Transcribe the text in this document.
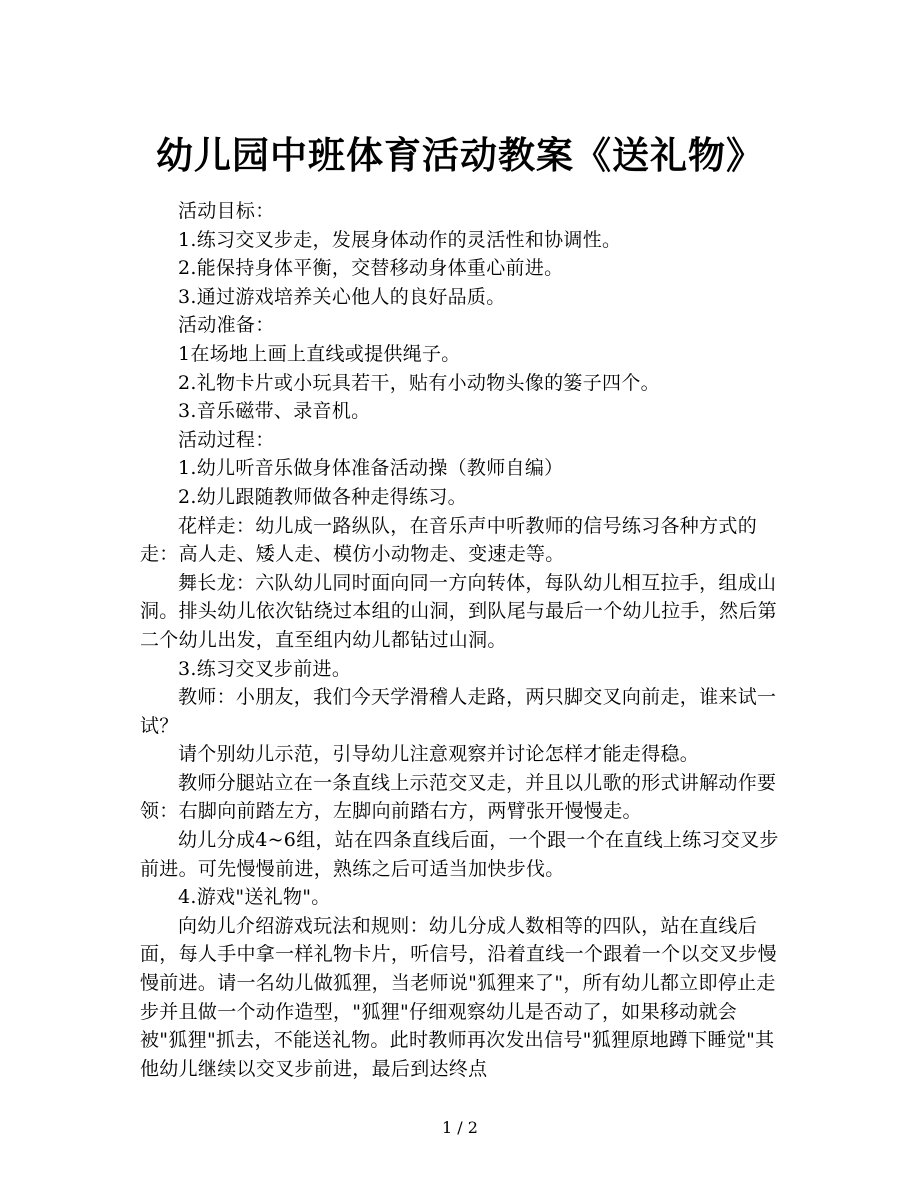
幼儿园中班体育活动教案《送礼物》

活动目标：

1.练习交叉步走，发展身体动作的灵活性和协调性。

2.能保持身体平衡，交替移动身体重心前进。

3.通过游戏培养关心他人的良好品质。

活动准备：

1在场地上画上直线或提供绳子。

2.礼物卡片或小玩具若干，贴有小动物头像的篓子四个。

3.音乐磁带、录音机。

活动过程：

1.幼儿听音乐做身体准备活动操（教师自编）

2.幼儿跟随教师做各种走得练习。

花样走：幼儿成一路纵队，在音乐声中听教师的信号练习各种方式的走：高人走、矮人走、模仿小动物走、变速走等。

舞长龙：六队幼儿同时面向同一方向转体，每队幼儿相互拉手，组成山洞。排头幼儿依次钻绕过本组的山洞，到队尾与最后一个幼儿拉手，然后第二个幼儿出发，直至组内幼儿都钻过山洞。

3.练习交叉步前进。

教师：小朋友，我们今天学滑稽人走路，两只脚交叉向前走，谁来试一试？

请个别幼儿示范，引导幼儿注意观察并讨论怎样才能走得稳。

教师分腿站立在一条直线上示范交叉走，并且以儿歌的形式讲解动作要领：右脚向前踏左方，左脚向前踏右方，两臂张开慢慢走。

幼儿分成4~6组，站在四条直线后面，一个跟一个在直线上练习交叉步前进。可先慢慢前进，熟练之后可适当加快步伐。

4.游戏"送礼物"。

向幼儿介绍游戏玩法和规则：幼儿分成人数相等的四队，站在直线后面，每人手中拿一样礼物卡片，听信号，沿着直线一个跟着一个以交叉步慢慢前进。请一名幼儿做狐狸，当老师说"狐狸来了"，所有幼儿都立即停止走步并且做一个动作造型，"狐狸"仔细观察幼儿是否动了，如果移动就会被"狐狸"抓去，不能送礼物。此时教师再次发出信号"狐狸原地蹲下睡觉"其他幼儿继续以交叉步前进，最后到达终点

1 / 2
